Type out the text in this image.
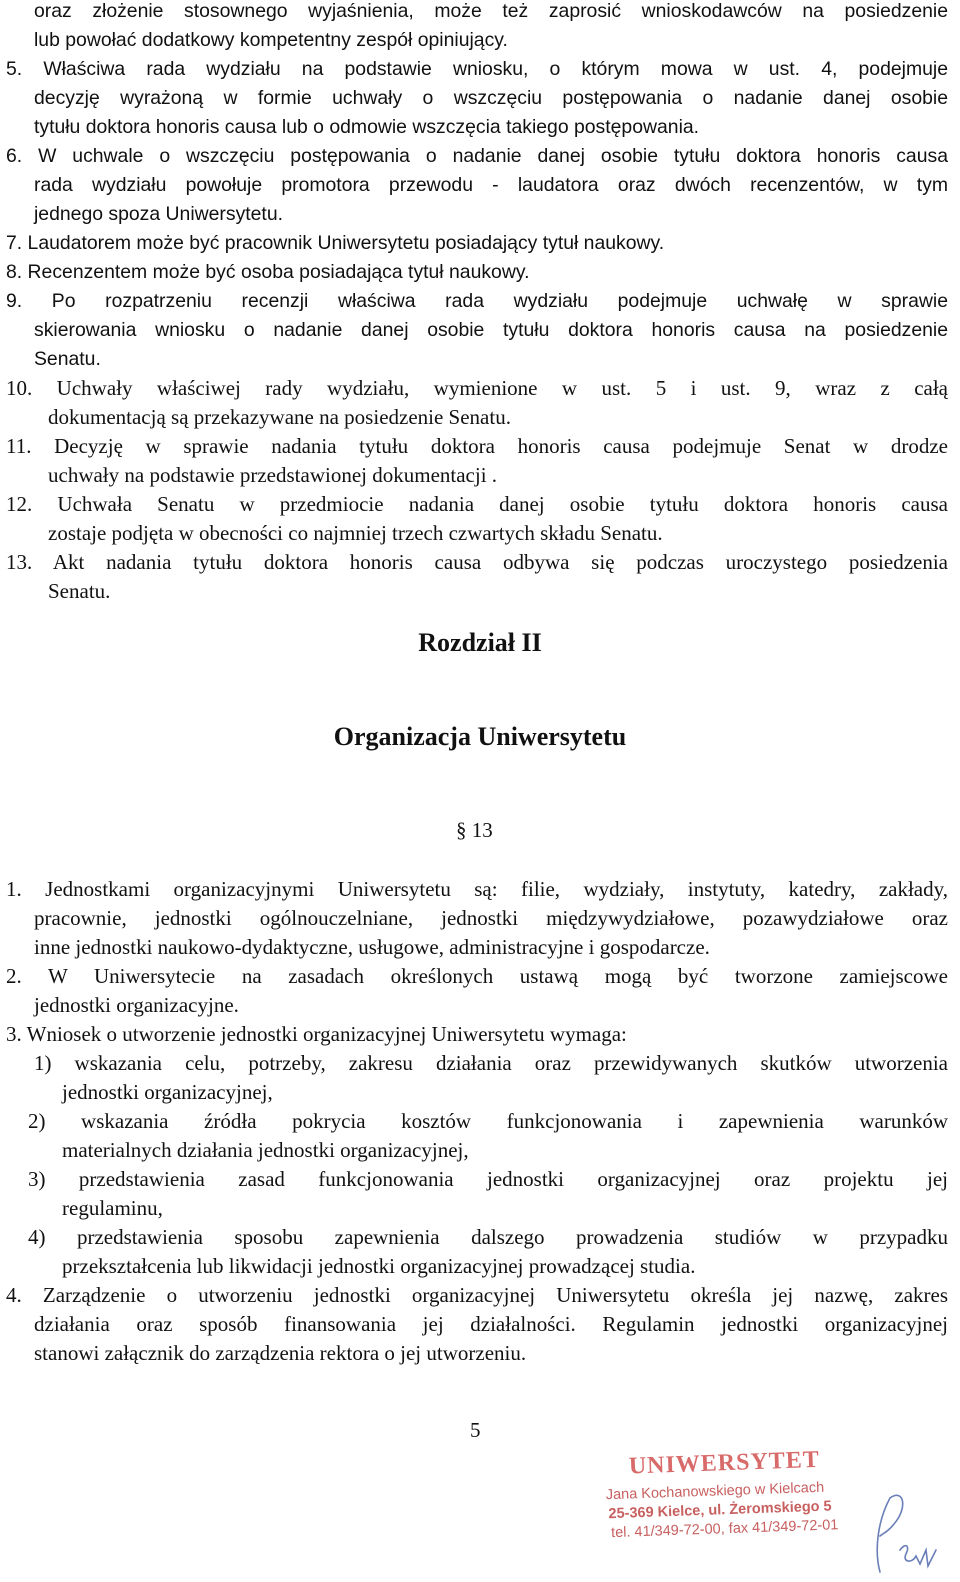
oraz złożenie stosownego wyjaśnienia, może też zaprosić wnioskodawców na posiedzenie
lub powołać dodatkowy kompetentny zespół opiniujący.
5. Właściwa rada wydziału na podstawie wniosku, o którym mowa w ust. 4, podejmuje
decyzję wyrażoną w formie uchwały o wszczęciu postępowania o nadanie danej osobie
tytułu doktora honoris causa lub o odmowie wszczęcia takiego postępowania.
6. W uchwale o wszczęciu postępowania o nadanie danej osobie tytułu doktora honoris causa
rada wydziału powołuje promotora przewodu - laudatora oraz dwóch recenzentów, w tym
jednego spoza Uniwersytetu.
7. Laudatorem może być pracownik Uniwersytetu posiadający tytuł naukowy.
8. Recenzentem może być osoba posiadająca tytuł naukowy.
9. Po rozpatrzeniu recenzji właściwa rada wydziału podejmuje uchwałę w sprawie
skierowania wniosku o nadanie danej osobie tytułu doktora honoris causa na posiedzenie
Senatu.
10. Uchwały właściwej rady wydziału, wymienione w ust. 5 i ust. 9, wraz z całą
dokumentacją są przekazywane na posiedzenie Senatu.
11. Decyzję w sprawie nadania tytułu doktora honoris causa podejmuje Senat w drodze
uchwały na podstawie przedstawionej dokumentacji .
12. Uchwała Senatu w przedmiocie nadania danej osobie tytułu doktora honoris causa
zostaje podjęta w obecności co najmniej trzech czwartych składu Senatu.
13. Akt nadania tytułu doktora honoris causa odbywa się podczas uroczystego posiedzenia
Senatu.
1. Jednostkami organizacyjnymi Uniwersytetu są: filie, wydziały, instytuty, katedry, zakłady,
pracownie, jednostki ogólnouczelniane, jednostki międzywydziałowe, pozawydziałowe oraz
inne jednostki naukowo-dydaktyczne, usługowe, administracyjne i gospodarcze.
2. W Uniwersytecie na zasadach określonych ustawą mogą być tworzone zamiejscowe
jednostki organizacyjne.
3. Wniosek o utworzenie jednostki organizacyjnej Uniwersytetu wymaga:
1) wskazania celu, potrzeby, zakresu działania oraz przewidywanych skutków utworzenia
jednostki organizacyjnej,
2) wskazania źródła pokrycia kosztów funkcjonowania i zapewnienia warunków
materialnych działania jednostki organizacyjnej,
3) przedstawienia zasad funkcjonowania jednostki organizacyjnej oraz projektu jej
regulaminu,
4) przedstawienia sposobu zapewnienia dalszego prowadzenia studiów w przypadku
przekształcenia lub likwidacji jednostki organizacyjnej prowadzącej studia.
4. Zarządzenie o utworzeniu jednostki organizacyjnej Uniwersytetu określa jej nazwę, zakres
działania oraz sposób finansowania jej działalności. Regulamin jednostki organizacyjnej
stanowi załącznik do zarządzenia rektora o jej utworzeniu.
Rozdział II
Organizacja Uniwersytetu
§ 13
5
UNIWERSYTET
Jana Kochanowskiego w Kielcach
25-369 Kielce, ul. Żeromskiego 5
tel. 41/349-72-00, fax 41/349-72-01
